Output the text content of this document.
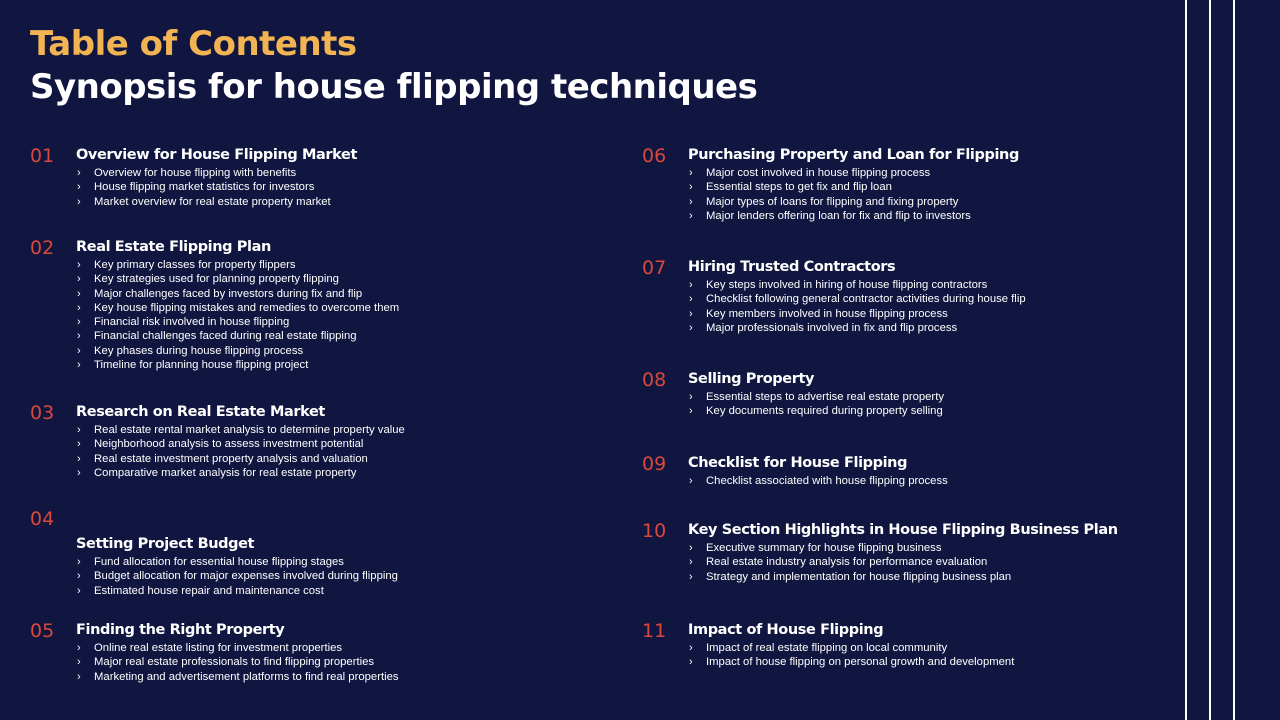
Table of Contents
Synopsis for house flipping techniques
01 Overview for House Flipping Market
› Overview for house flipping with benefits
› House flipping market statistics for investors
› Market overview for real estate property market
02 Real Estate Flipping Plan
› Key primary classes for property flippers
› Key strategies used for planning property flipping
› Major challenges faced by investors during fix and flip
› Key house flipping mistakes and remedies to overcome them
› Financial risk involved in house flipping
› Financial challenges faced during real estate flipping
› Key phases during house flipping process
› Timeline for planning house flipping project
03 Research on Real Estate Market
› Real estate rental market analysis to determine property value
› Neighborhood analysis to assess investment potential
› Real estate investment property analysis and valuation
› Comparative market analysis for real estate property
04
Setting Project Budget
› Fund allocation for essential house flipping stages
› Budget allocation for major expenses involved during flipping
› Estimated house repair and maintenance cost
05 Finding the Right Property
› Online real estate listing for investment properties
› Major real estate professionals to find flipping properties
› Marketing and advertisement platforms to find real properties
06 Purchasing Property and Loan for Flipping
› Major cost involved in house flipping process
› Essential steps to get fix and flip loan
› Major types of loans for flipping and fixing property
› Major lenders offering loan for fix and flip to investors
07 Hiring Trusted Contractors
› Key steps involved in hiring of house flipping contractors
› Checklist following general contractor activities during house flip
› Key members involved in house flipping process
› Major professionals involved in fix and flip process
08 Selling Property
› Essential steps to advertise real estate property
› Key documents required during property selling
09 Checklist for House Flipping
› Checklist associated with house flipping process
10 Key Section Highlights in House Flipping Business Plan
› Executive summary for house flipping business
› Real estate industry analysis for performance evaluation
› Strategy and implementation for house flipping business plan
11 Impact of House Flipping
› Impact of real estate flipping on local community
› Impact of house flipping on personal growth and development
